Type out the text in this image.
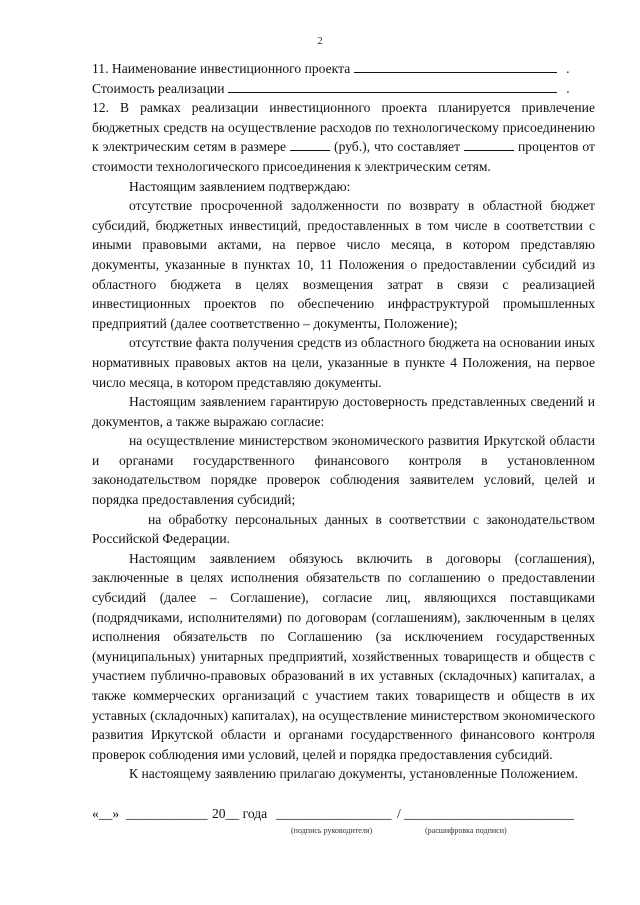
2

11. Наименование инвестиционного проекта	.

Стоимость реализации	.

12. В рамках реализации инвестиционного проекта планируется привлечение бюджетных средств на осуществление расходов по технологическому присоединению к электрическим сетям в размере	(руб.), что составляет	процентов от стоимости технологического присоединения к электрическим сетям.

Настоящим заявлением подтверждаю:

отсутствие просроченной задолженности по возврату в областной бюджет субсидий, бюджетных инвестиций, предоставленных в том числе в соответствии с иными правовыми актами, на первое число месяца, в котором представляю документы, указанные в пунктах 10, 11 Положения о предоставлении субсидий из областного бюджета в целях возмещения затрат в связи с реализацией инвестиционных проектов по обеспечению инфраструктурой промышленных предприятий (далее соответственно – документы, Положение);

отсутствие факта получения средств из областного бюджета на основании иных нормативных правовых актов на цели, указанные в пункте 4 Положения, на первое число месяца, в котором представляю документы.

Настоящим заявлением гарантирую достоверность представленных сведений и документов, а также выражаю согласие:

на осуществление министерством экономического развития Иркутской области и органами государственного финансового контроля в установленном законодательством порядке проверок соблюдения заявителем условий, целей и порядка предоставления субсидий;

на обработку персональных данных в соответствии с законодательством Российской Федерации.

Настоящим заявлением обязуюсь включить в договоры (соглашения), заключенные в целях исполнения обязательств по соглашению о предоставлении субсидий (далее – Соглашение), согласие лиц, являющихся поставщиками (подрядчиками, исполнителями) по договорам (соглашениям), заключенным в целях исполнения обязательств по Соглашению (за исключением государственных (муниципальных) унитарных предприятий, хозяйственных товариществ и обществ с участием публично-правовых образований в их уставных (складочных) капиталах, а также коммерческих организаций с участием таких товариществ и обществ в их уставных (складочных) капиталах), на осуществление министерством экономического развития Иркутской области и органами государственного финансового контроля проверок соблюдения ими условий, целей и порядка предоставления субсидий.

К настоящему заявлению прилагаю документы, установленные Положением.

«__» ____________ 20__ года _________________ / _________________________
(подпись руководителя)	(расшифровка подписи)
